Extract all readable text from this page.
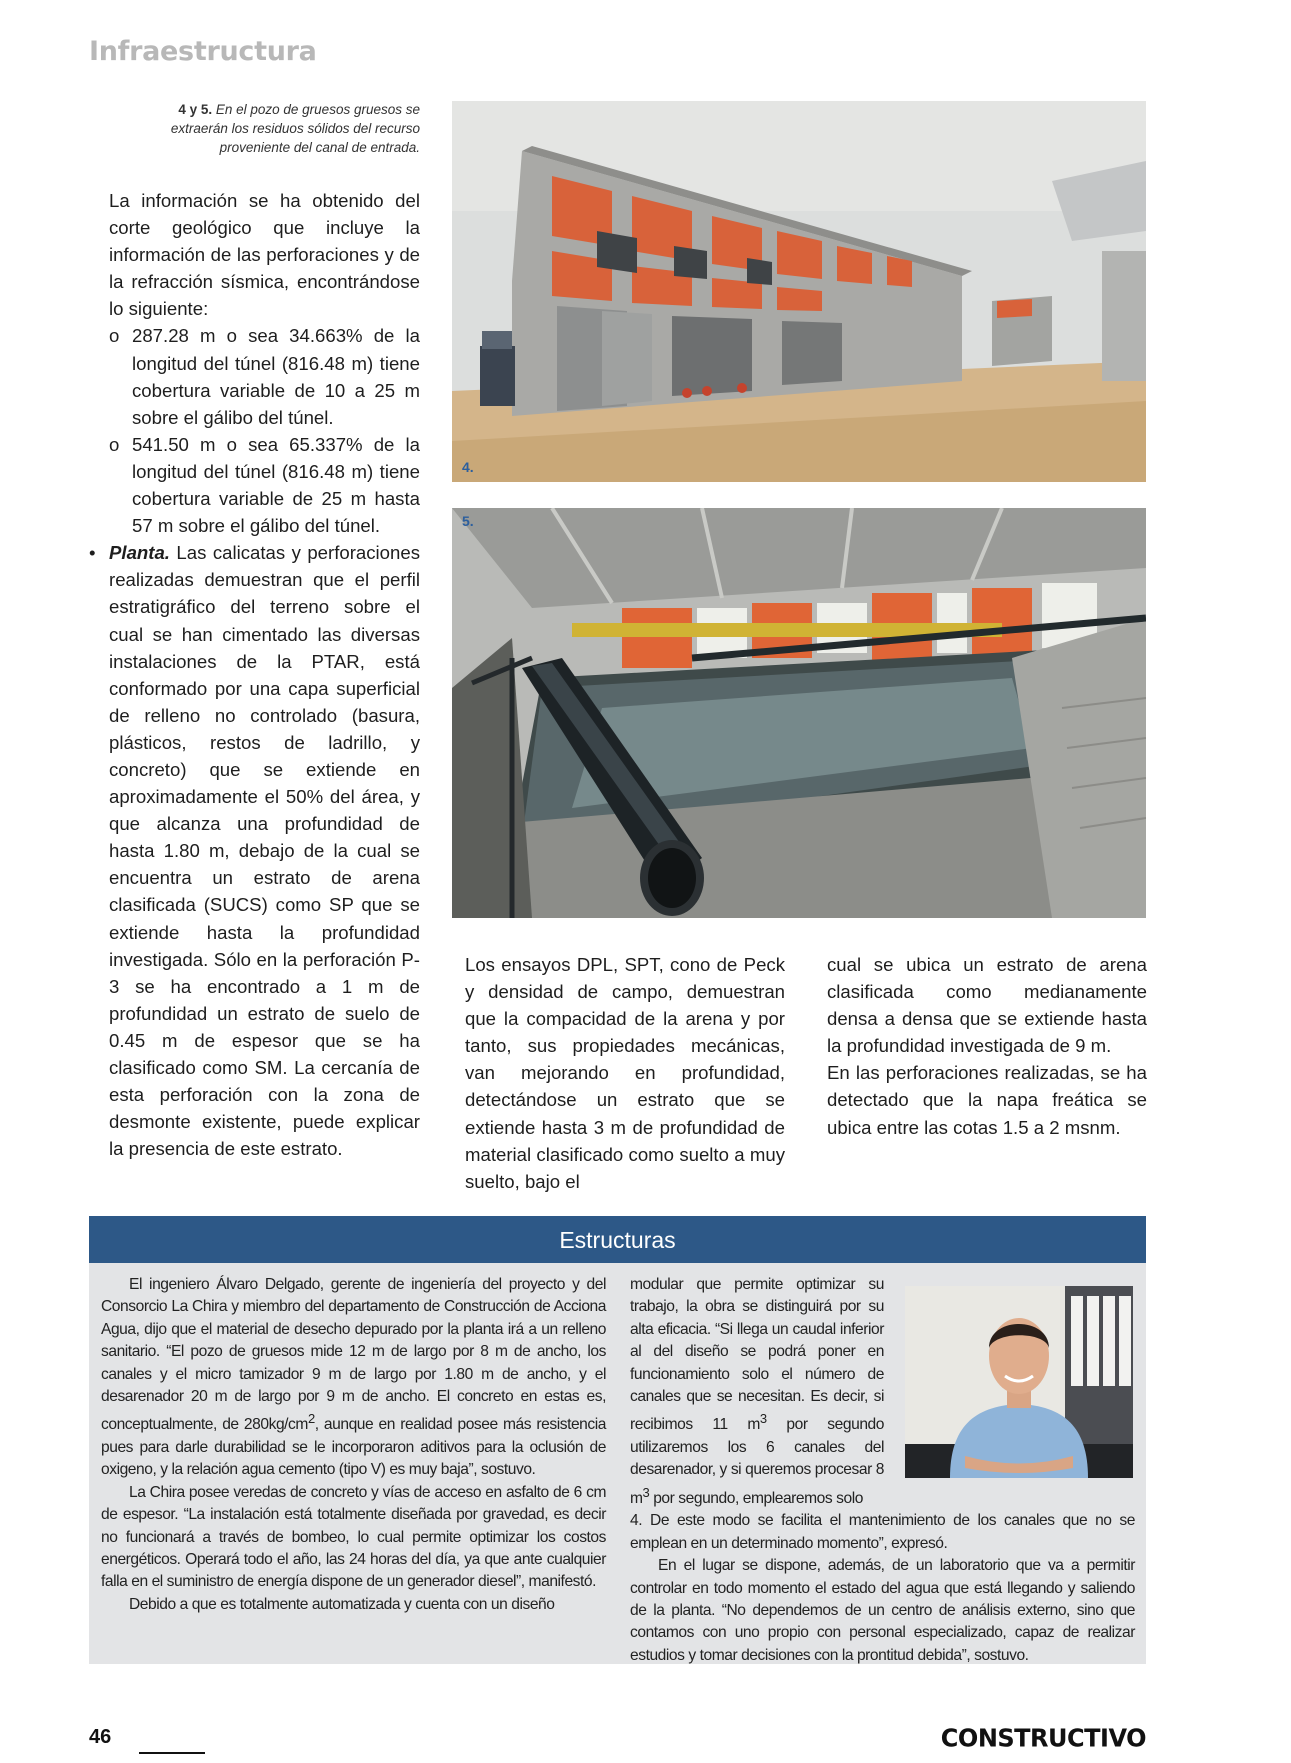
Infraestructura
4 y 5. En el pozo de gruesos gruesos se extraerán los residuos sólidos del recurso proveniente del canal de entrada.

La información se ha obtenido del corte geológico que incluye la información de las perforaciones y de la refracción sísmica, encontrándose lo siguiente:

o 287.28 m o sea 34.663% de la longitud del túnel (816.48 m) tiene cobertura variable de 10 a 25 m sobre el gálibo del túnel.

o 541.50 m o sea 65.337% de la longitud del túnel (816.48 m) tiene cobertura variable de 25 m hasta 57 m sobre el gálibo del túnel.

• Planta. Las calicatas y perforaciones realizadas demuestran que el perfil estratigráfico del terreno sobre el cual se han cimentado las diversas instalaciones de la PTAR, está conformado por una capa superficial de relleno no controlado (basura, plásticos, restos de ladrillo, y concreto) que se extiende en aproximadamente el 50% del área, y que alcanza una profundidad de hasta 1.80 m, debajo de la cual se encuentra un estrato de arena clasificada (SUCS) como SP que se extiende hasta la profundidad investigada. Sólo en la perforación P-3 se ha encontrado a 1 m de profundidad un estrato de suelo de 0.45 m de espesor que se ha clasificado como SM. La cercanía de esta perforación con la zona de desmonte existente, puede explicar la presencia de este estrato.

4.
5.

Los ensayos DPL, SPT, cono de Peck y densidad de campo, demuestran que la compacidad de la arena y por tanto, sus propiedades mecánicas, van mejorando en profundidad, detectándose un estrato que se extiende hasta 3 m de profundidad de material clasificado como suelto a muy suelto, bajo el

cual se ubica un estrato de arena clasificada como medianamente densa a densa que se extiende hasta la profundidad investigada de 9 m.

En las perforaciones realizadas, se ha detectado que la napa freática se ubica entre las cotas 1.5 a 2 msnm.

Estructuras

El ingeniero Álvaro Delgado, gerente de ingeniería del proyecto y del Consorcio La Chira y miembro del departamento de Construcción de Acciona Agua, dijo que el material de desecho depurado por la planta irá a un relleno sanitario. “El pozo de gruesos mide 12 m de largo por 8 m de ancho, los canales y el micro tamizador 9 m de largo por 1.80 m de ancho, y el desarenador 20 m de largo por 9 m de ancho. El concreto en estas es, conceptualmente, de $280kg/cm^2$, aunque en realidad posee más resistencia pues para darle durabilidad se le incorporaron aditivos para la oclusión de oxigeno, y la relación agua cemento (tipo V) es muy baja”, sostuvo.

La Chira posee veredas de concreto y vías de acceso en asfalto de 6 cm de espesor. “La instalación está totalmente diseñada por gravedad, es decir no funcionará a través de bombeo, lo cual permite optimizar los costos energéticos. Operará todo el año, las 24 horas del día, ya que ante cualquier falla en el suministro de energía dispone de un generador diesel”, manifestó.

Debido a que es totalmente automatizada y cuenta con un diseño

modular que permite optimizar su trabajo, la obra se distinguirá por su alta eficacia. “Si llega un caudal inferior al del diseño se podrá poner en funcionamiento solo el número de canales que se necesitan. Es decir, si recibimos 11 $m^3$ por segundo utilizaremos los 6 canales del desarenador, y si queremos procesar 8 $m^3$ por segundo, emplearemos solo

4. De este modo se facilita el mantenimiento de los canales que no se emplean en un determinado momento”, expresó.

En el lugar se dispone, además, de un laboratorio que va a permitir controlar en todo momento el estado del agua que está llegando y saliendo de la planta. “No dependemos de un centro de análisis externo, sino que contamos con uno propio con personal especializado, capaz de realizar estudios y tomar decisiones con la prontitud debida”, sostuvo.

46	CONSTRUCTIVO
